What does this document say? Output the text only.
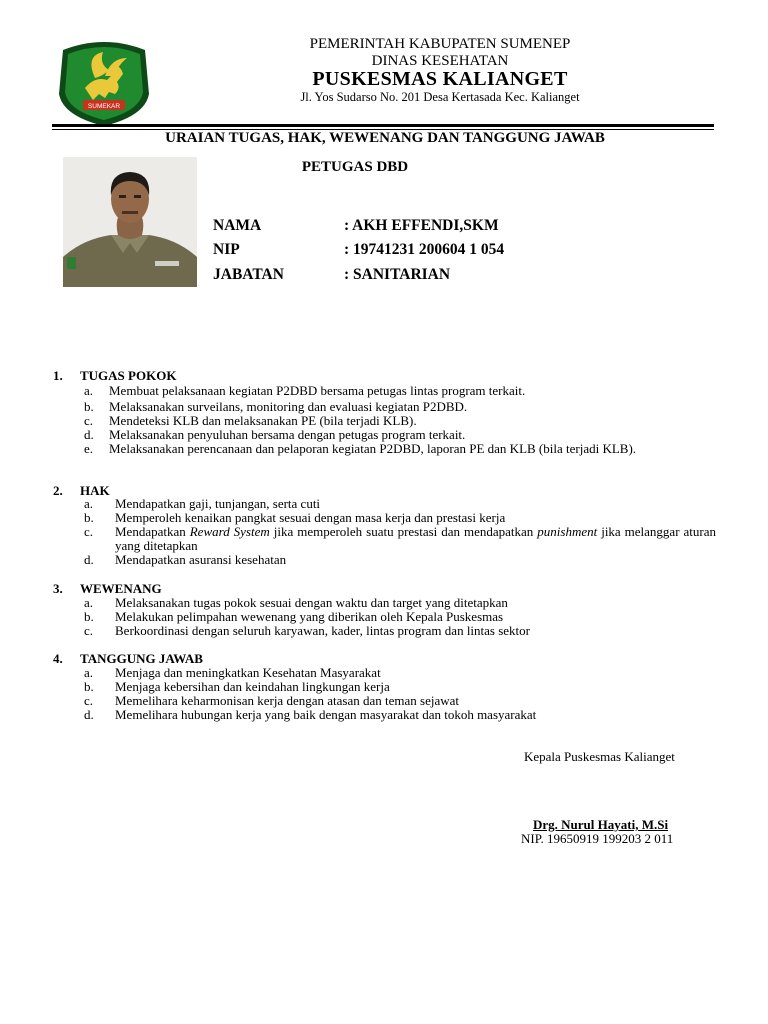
SUMEKAR
PEMERINTAH KABUPATEN SUMENEP
DINAS KESEHATAN
PUSKESMAS KALIANGET
Jl. Yos Sudarso No. 201 Desa Kertasada Kec. Kalianget
URAIAN TUGAS, HAK, WEWENANG DAN TANGGUNG JAWAB
PETUGAS DBD
NAMA	: AKH EFFENDI,SKM
NIP	: 19741231 200604 1 054
JABATAN	: SANITARIAN
1. TUGAS POKOK
a. Membuat pelaksanaan kegiatan P2DBD bersama petugas lintas program terkait.
b. Melaksanakan surveilans, monitoring dan evaluasi kegiatan P2DBD.
c. Mendeteksi KLB dan melaksanakan PE (bila terjadi KLB).
d. Melaksanakan penyuluhan bersama dengan petugas program terkait.
e. Melaksanakan perencanaan dan pelaporan kegiatan P2DBD, laporan PE dan KLB (bila terjadi KLB).
2. HAK
a. Mendapatkan gaji, tunjangan, serta cuti
b. Memperoleh kenaikan pangkat sesuai dengan masa kerja dan prestasi kerja
c. Mendapatkan Reward System jika memperoleh suatu prestasi dan mendapatkan punishment jika melanggar aturan yang ditetapkan
d. Mendapatkan asuransi kesehatan
3. WEWENANG
a. Melaksanakan tugas pokok sesuai dengan waktu dan target yang ditetapkan
b. Melakukan pelimpahan wewenang yang diberikan oleh Kepala Puskesmas
c. Berkoordinasi dengan seluruh karyawan, kader, lintas program dan lintas sektor
4. TANGGUNG JAWAB
a. Menjaga dan meningkatkan Kesehatan Masyarakat
b. Menjaga kebersihan dan keindahan lingkungan kerja
c. Memelihara keharmonisan kerja dengan atasan dan teman sejawat
d. Memelihara hubungan kerja yang baik dengan masyarakat dan tokoh masyarakat
Kepala Puskesmas Kalianget
Drg. Nurul Hayati, M.Si
NIP. 19650919 199203 2 011
